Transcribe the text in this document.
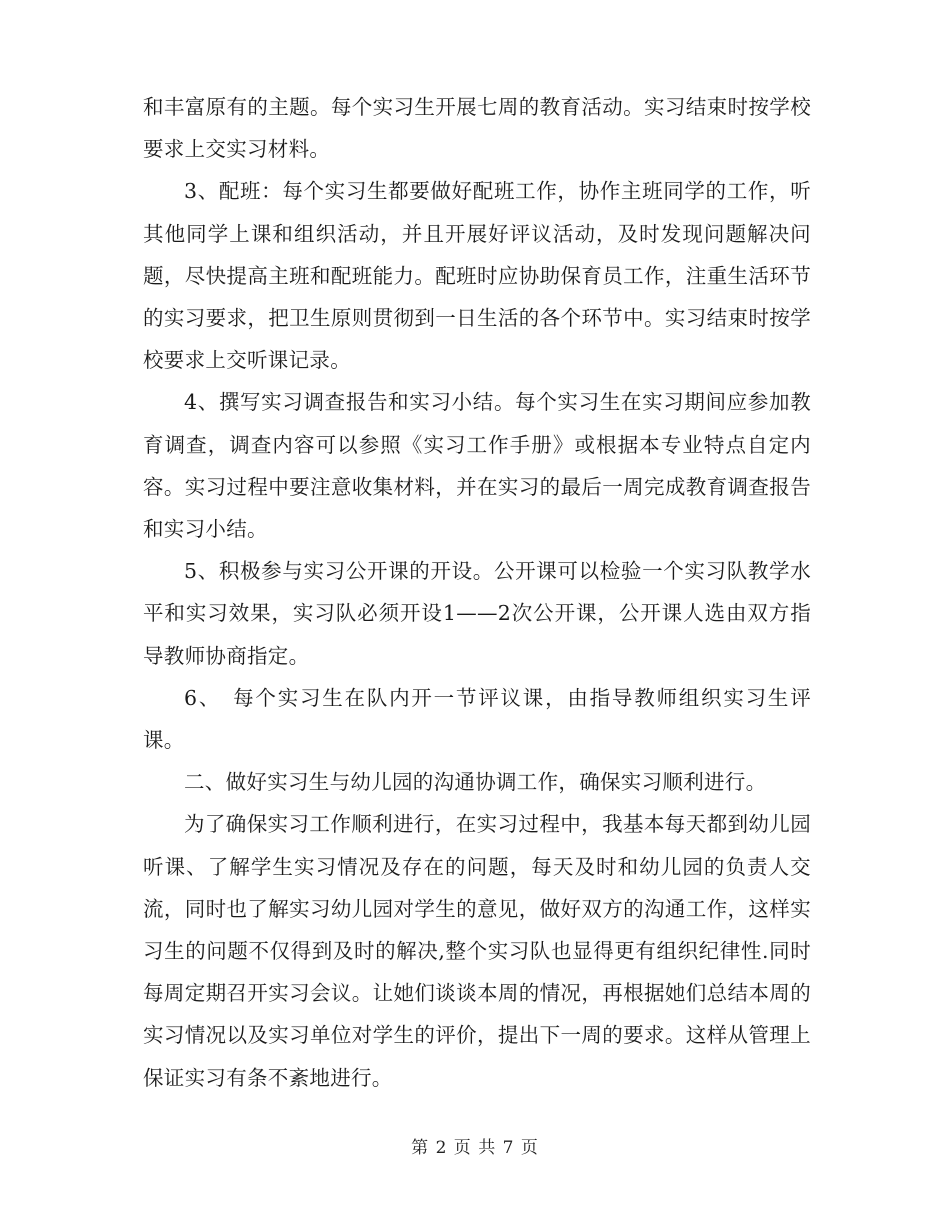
和丰富原有的主题。每个实习生开展七周的教育活动。实习结束时按学校要求上交实习材料。

3、配班：每个实习生都要做好配班工作，协作主班同学的工作，听其他同学上课和组织活动，并且开展好评议活动，及时发现问题解决问题，尽快提高主班和配班能力。配班时应协助保育员工作，注重生活环节的实习要求，把卫生原则贯彻到一日生活的各个环节中。实习结束时按学校要求上交听课记录。

4、撰写实习调查报告和实习小结。每个实习生在实习期间应参加教育调查，调查内容可以参照《实习工作手册》或根据本专业特点自定内容。实习过程中要注意收集材料，并在实习的最后一周完成教育调查报告和实习小结。

5、积极参与实习公开课的开设。公开课可以检验一个实习队教学水平和实习效果，实习队必须开设1——2次公开课，公开课人选由双方指导教师协商指定。

6、　每个实习生在队内开一节评议课，由指导教师组织实习生评课。

二、做好实习生与幼儿园的沟通协调工作，确保实习顺利进行。

为了确保实习工作顺利进行，在实习过程中，我基本每天都到幼儿园听课、了解学生实习情况及存在的问题，每天及时和幼儿园的负责人交流，同时也了解实习幼儿园对学生的意见，做好双方的沟通工作，这样实习生的问题不仅得到及时的解决,整个实习队也显得更有组织纪律性.同时每周定期召开实习会议。让她们谈谈本周的情况，再根据她们总结本周的实习情况以及实习单位对学生的评价，提出下一周的要求。这样从管理上保证实习有条不紊地进行。

第 2 页 共 7 页
